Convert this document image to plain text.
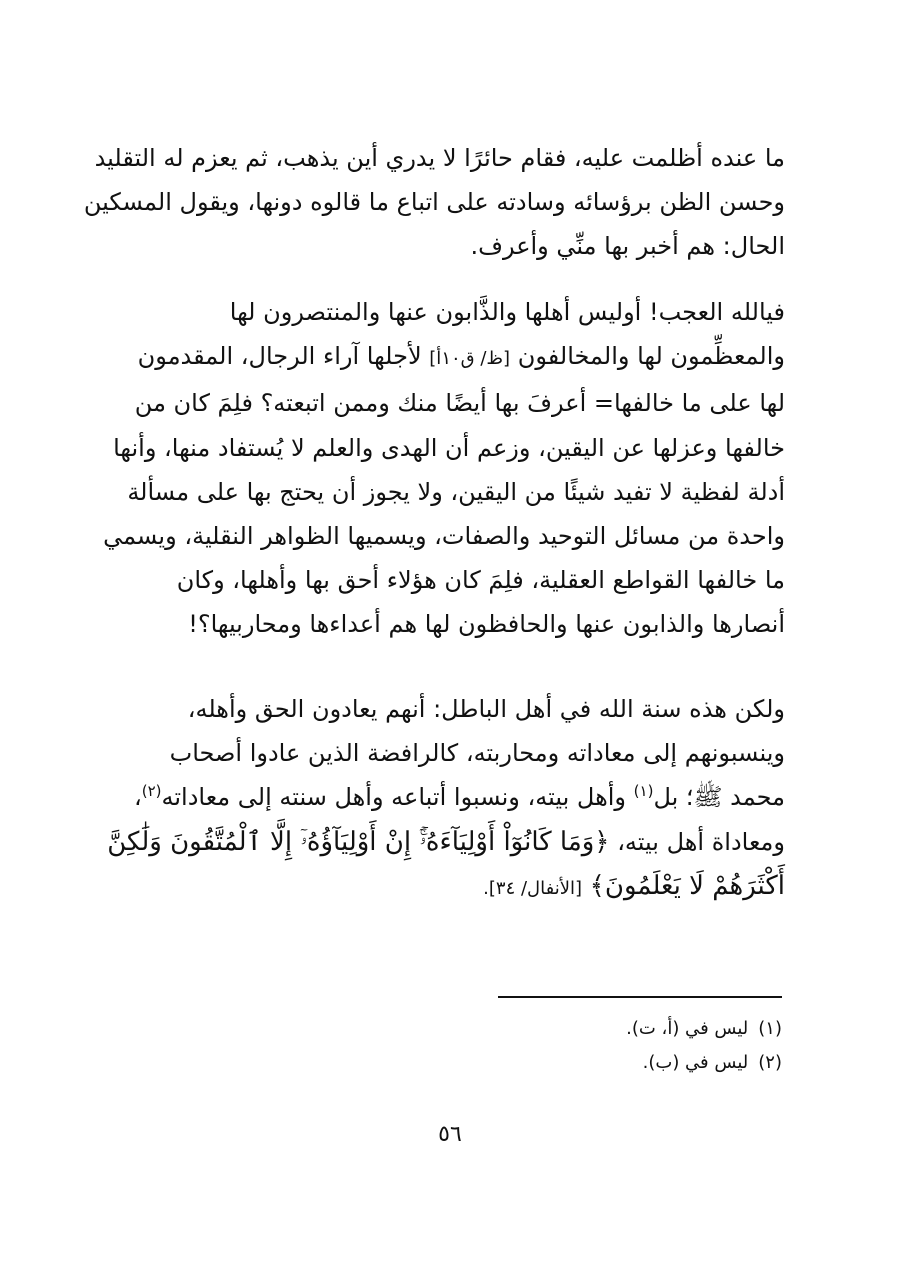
ما عنده أظلمت عليه، فقام حائرًا لا يدري أين يذهب، ثم يعزم له التقليد
وحسن الظن برؤسائه وسادته على اتباع ما قالوه دونها، ويقول المسكين
الحال: هم أخبر بها منِّي وأعرف.
فيالله العجب! أوليس أهلها والذَّابون عنها والمنتصرون لها
والمعظِّمون لها والمخالفون [ظ/ ق١٠أ] لأجلها آراء الرجال، المقدمون
لها على ما خالفها= أعرفَ بها أيضًا منك وممن اتبعته؟ فلِمَ كان من
خالفها وعزلها عن اليقين، وزعم أن الهدى والعلم لا يُستفاد منها، وأنها
أدلة لفظية لا تفيد شيئًا من اليقين، ولا يجوز أن يحتج بها على مسألة
واحدة من مسائل التوحيد والصفات، ويسميها الظواهر النقلية، ويسمي
ما خالفها القواطع العقلية، فلِمَ كان هؤلاء أحق بها وأهلها، وكان
أنصارها والذابون عنها والحافظون لها هم أعداءها ومحاربيها؟!
ولكن هذه سنة الله في أهل الباطل: أنهم يعادون الحق وأهله،
وينسبونهم إلى معاداته ومحاربته، كالرافضة الذين عادوا أصحاب
محمد ﷺ؛ بل$^{(١)}$ وأهل بيته، ونسبوا أتباعه وأهل سنته إلى معاداته$^{(٢)}$،
ومعاداة أهل بيته، ﴿وَمَا كَانُوٓاْ أَوْلِيَآءَهُۥٓۚ إِنْ أَوْلِيَآؤُهُۥٓ إِلَّا ٱلْمُتَّقُونَ وَلَٰكِنَّ
أَكْثَرَهُمْ لَا يَعْلَمُونَ﴾ [الأنفال/ ٣٤].
(١)ليس في (أ، ت).
(٢)ليس في (ب).
٥٦
